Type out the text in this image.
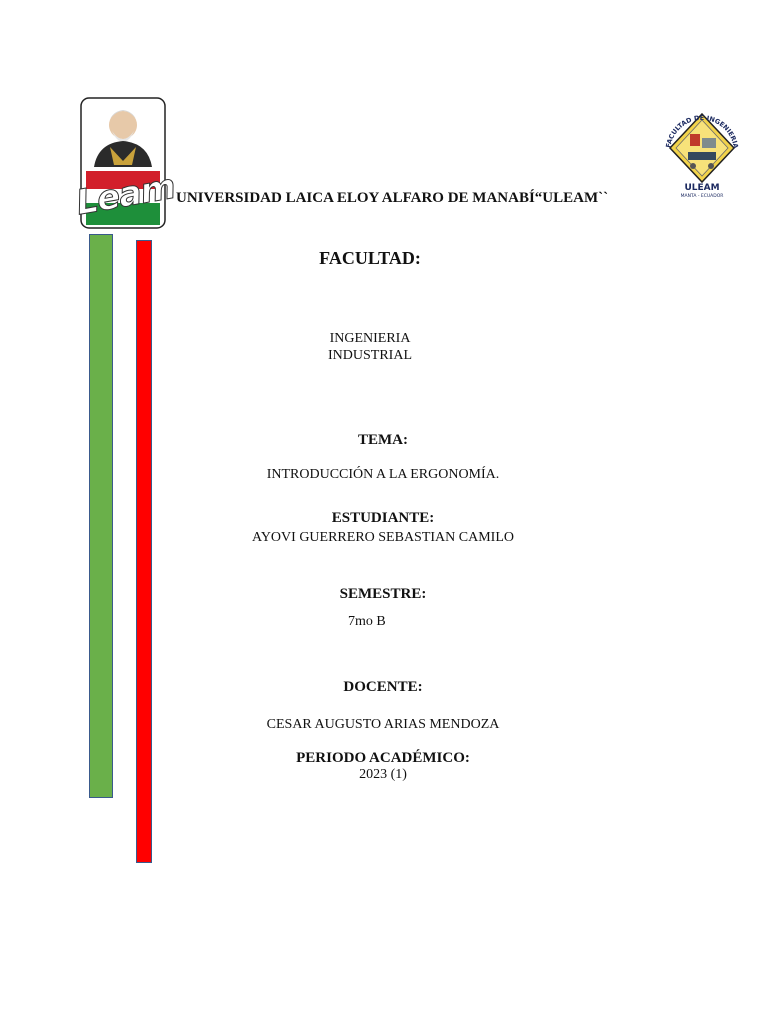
Leam
FACULTAD DE INGENIERIA
ULEAM
MANTA - ECUADOR
UNIVERSIDAD LAICA ELOY ALFARO DE MANABÍ“ULEAM``
FACULTAD:
INGENIERIA
INDUSTRIAL
TEMA:
INTRODUCCIÓN A LA ERGONOMÍA.
ESTUDIANTE:
AYOVI GUERRERO SEBASTIAN CAMILO
SEMESTRE:
7mo B
DOCENTE:
CESAR AUGUSTO ARIAS MENDOZA
PERIODO ACADÉMICO:
2023 (1)
